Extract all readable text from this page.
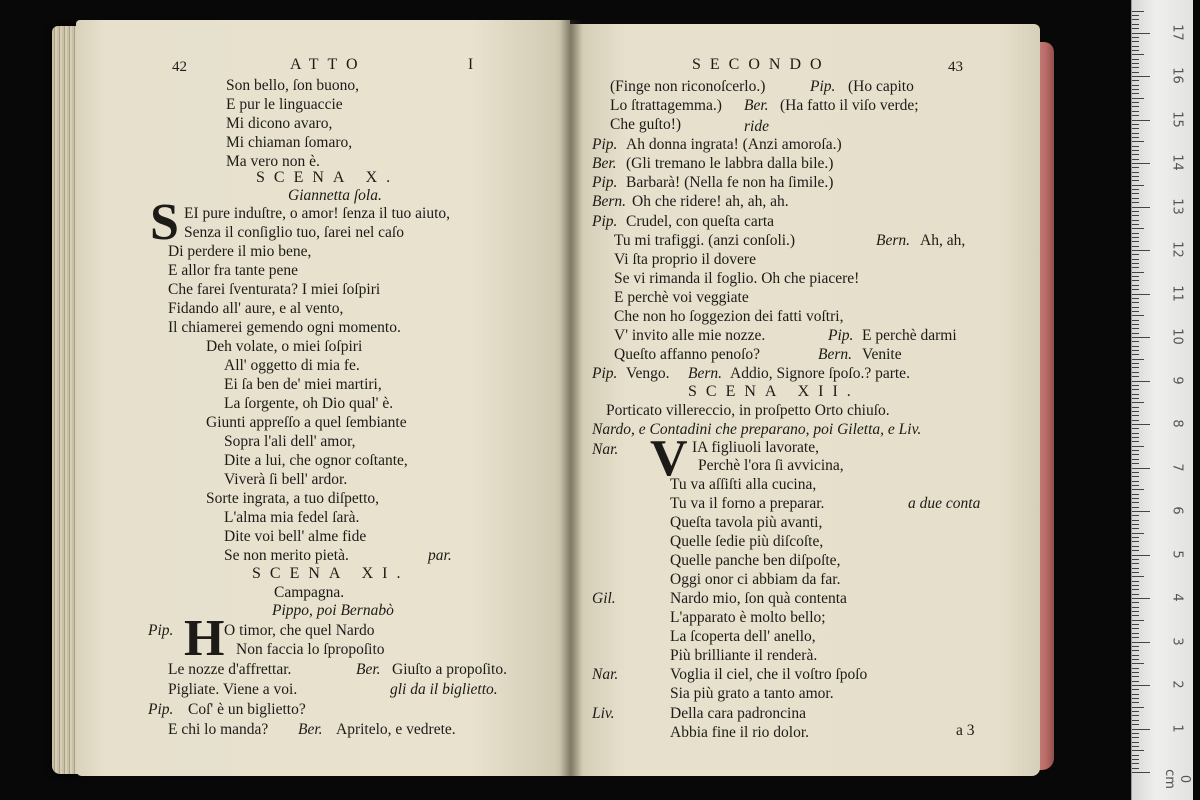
42	ATTO	I
Son bello, ſon buono,
E pur le linguaccie
Mi dicono avaro,
Mi chiaman ſomaro,
Ma vero non è.
SCENA X.
Giannetta ſola.
S EI pure induſtre, o amor! ſenza il tuo aiuto,
Senza il conſiglio tuo, ſarei nel caſo
Di perdere il mio bene,
E allor fra tante pene
Che farei ſventurata? I miei ſoſpiri
Fidando all' aure, e al vento,
Il chiamerei gemendo ogni momento.
Deh volate, o miei ſoſpiri
All' oggetto di mia fe.
Ei ſa ben de' miei martiri,
La ſorgente, oh Dio qual' è.
Giunti appreſſo a quel ſembiante
Sopra l'ali dell' amor,
Dite a lui, che ognor coſtante,
Viverà ſi bell' ardor.
Sorte ingrata, a tuo diſpetto,
L'alma mia fedel ſarà.
Dite voi bell' alme fide
Se non merito pietà.	par.
SCENA XI.
Campagna.
Pippo, poi Bernabò
Pip. H O timor, che quel Nardo
Non faccia lo ſpropoſito
Le nozze d'affrettar.	Ber. Giuſto a propoſito.
Pigliate. Viene a voi.	gli da il biglietto.
Pip. Coſ' è un biglietto?
E chi lo manda? Ber. Apritelo, e vedrete.
SECONDO	43
(Finge non riconoſcerlo.)	Pip. (Ho capito
Lo ſtrattagemma.) Ber. (Ha fatto il viſo verde;
Che guſto!)	ride
Pip. Ah donna ingrata! (Anzi amoroſa.)
Ber. (Gli tremano le labbra dalla bile.)
Pip. Barbarà! (Nella fe non ha ſimile.)
Bern. Oh che ridere! ah, ah, ah.
Pip. Crudel, con queſta carta
Tu mi trafiggi. (anzi conſoli.)	Bern. Ah, ah,
Vi ſta proprio il dovere
Se vi rimanda il foglio. Oh che piacere!
E perchè voi veggiate
Che non ho ſoggezion dei fatti voſtri,
V' invito alle mie nozze.	Pip. E perchè darmi
Queſto affanno penoſo?	Bern. Venite
Pip. Vengo. Bern. Addio, Signore ſpoſo.? parte.
SCENA XII.
Porticato villereccio, in proſpetto Orto chiuſo.
Nardo, e Contadini che preparano, poi Giletta, e Liv.
Nar. V IA figliuoli lavorate,
Perchè l'ora ſi avvicina,
Tu va aſſiſti alla cucina,
Tu va il forno a preparar.	a due conta
Queſta tavola più avanti,
Quelle ſedie più diſcoſte,
Quelle panche ben diſpoſte,
Oggi onor ci abbiam da far.
Gil.	Nardo mio, ſon quà contenta
L'apparato è molto bello;
La ſcoperta dell' anello,
Più brilliante il renderà.
Nar.	Voglia il ciel, che il voſtro ſpoſo
Sia più grato a tanto amor.
Liv.	Della cara padroncina
Abbia fine il rio dolor.	a 3
0 cm
1
2
3
4
5
6
7
8
9
10
11
12
13
14
15
16
17
